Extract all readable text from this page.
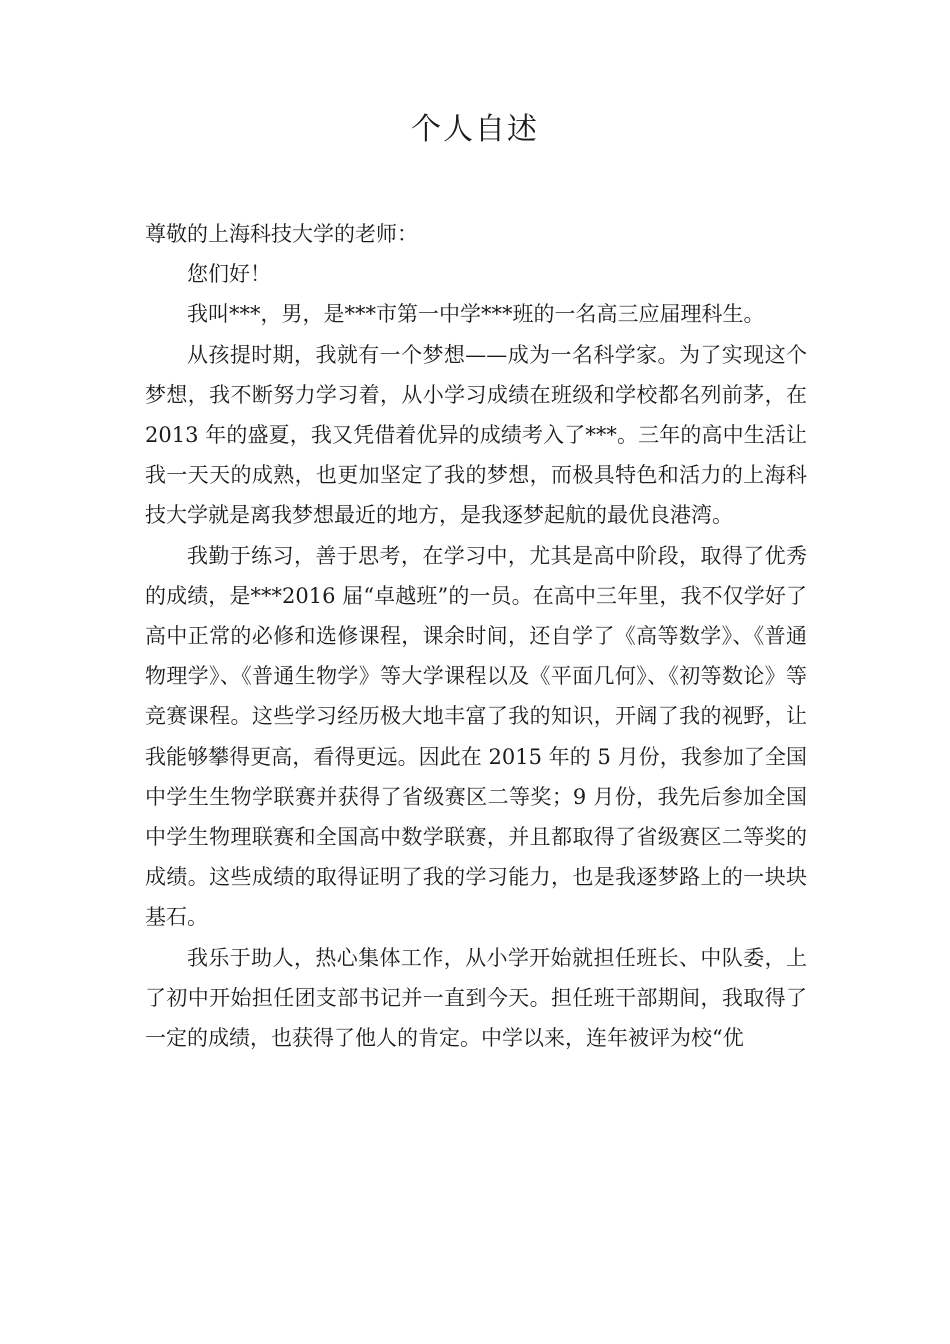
个人自述

尊敬的上海科技大学的老师：

您们好！

我叫***，男，是***市第一中学***班的一名高三应届理科生。

从孩提时期，我就有一个梦想——成为一名科学家。为了实现这个梦想，我不断努力学习着，从小学习成绩在班级和学校都名列前茅，在 2013 年的盛夏，我又凭借着优异的成绩考入了***。三年的高中生活让我一天天的成熟，也更加坚定了我的梦想，而极具特色和活力的上海科技大学就是离我梦想最近的地方，是我逐梦起航的最优良港湾。

我勤于练习，善于思考，在学习中，尤其是高中阶段，取得了优秀的成绩，是***2016 届“卓越班”的一员。在高中三年里，我不仅学好了高中正常的必修和选修课程，课余时间，还自学了《高等数学》、《普通物理学》、《普通生物学》等大学课程以及《平面几何》、《初等数论》等竞赛课程。这些学习经历极大地丰富了我的知识，开阔了我的视野，让我能够攀得更高，看得更远。因此在 2015 年的 5 月份，我参加了全国中学生生物学联赛并获得了省级赛区二等奖；9 月份，我先后参加全国中学生物理联赛和全国高中数学联赛，并且都取得了省级赛区二等奖的成绩。这些成绩的取得证明了我的学习能力，也是我逐梦路上的一块块基石。

我乐于助人，热心集体工作，从小学开始就担任班长、中队委，上了初中开始担任团支部书记并一直到今天。担任班干部期间，我取得了一定的成绩，也获得了他人的肯定。中学以来，连年被评为校“优
